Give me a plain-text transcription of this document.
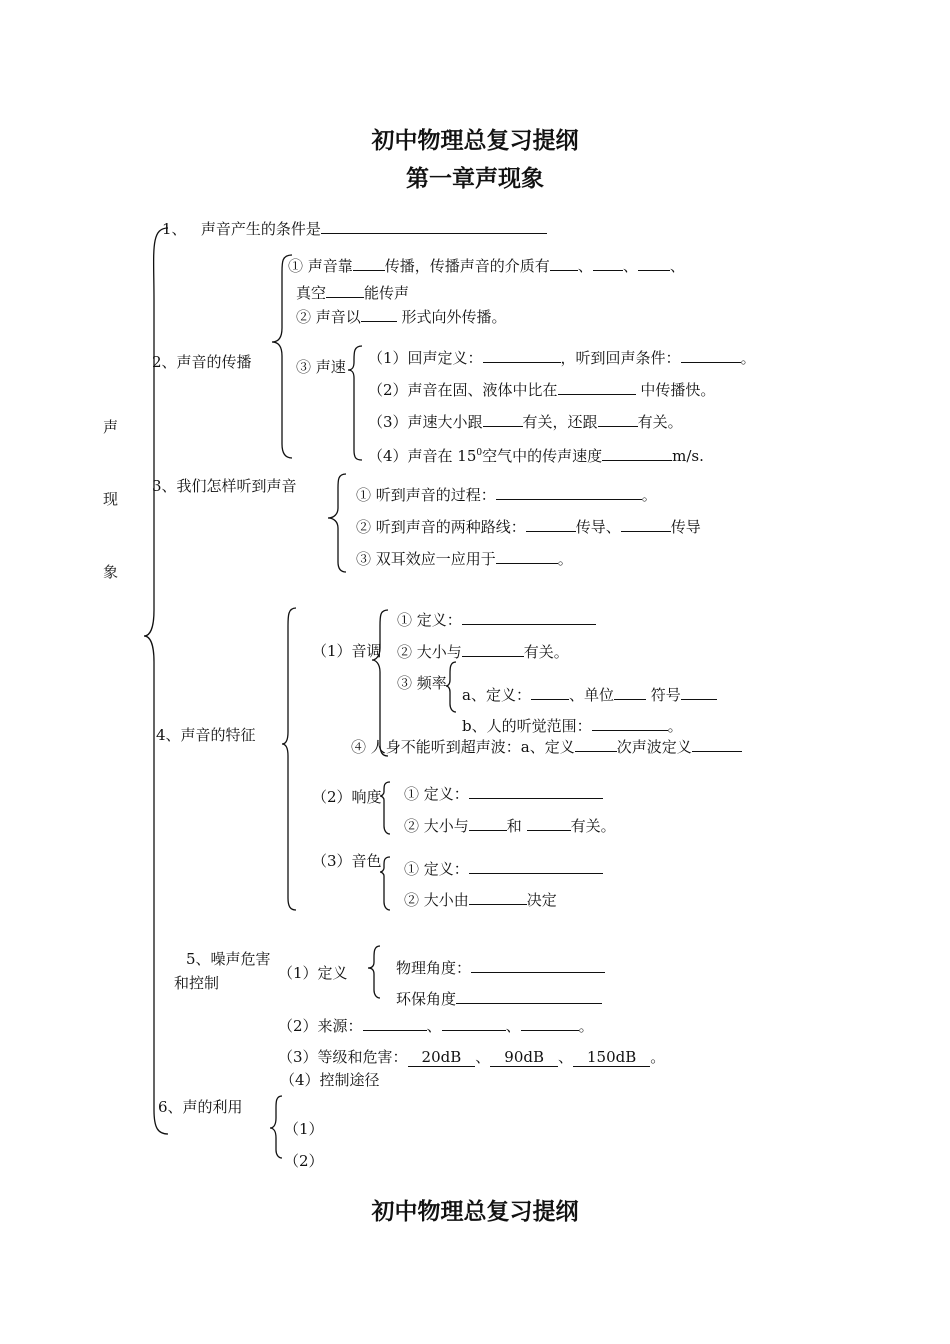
初中物理总复习提纲
第一章声现象
声
现
象
1、 声音产生的条件是
2、声音的传播
① 声音靠 传播，传播声音的介质有 、 、 、
真空	能传声
② 声音以 形式向外传播。
③ 声速 （1）回声定义：	，听到回声条件：	。
（2）声音在固、液体中比在	中传播快。
（3）声速大小跟	有关，还跟	有关。
（4）声音在 $15^0$空气中的传声速度	m/s.
3、我们怎样听到声音	① 听到声音的过程：	。
② 听到声音的两种路线：	传导、	传导
③ 双耳效应一应用于	。
4、声音的特征
（1）音调
① 定义：
② 大小与	有关。
③ 频率
a、定义：	、单位 符号
b、人的听觉范围：	。
④ 人身不能听到超声波：a、定义	次声波定义
（2）响度 ① 定义：
② 大小与	和	有关。
（3）音色 ① 定义：
② 大小由	决定
5、噪声危害
和控制
（1）定义	物理角度：
环保角度
（2）来源：	、	、	。
（3）等级和危害： 20dB 、 90dB 、 150dB 。
（4）控制途径
6、声的利用
（1）
（2）
初中物理总复习提纲
